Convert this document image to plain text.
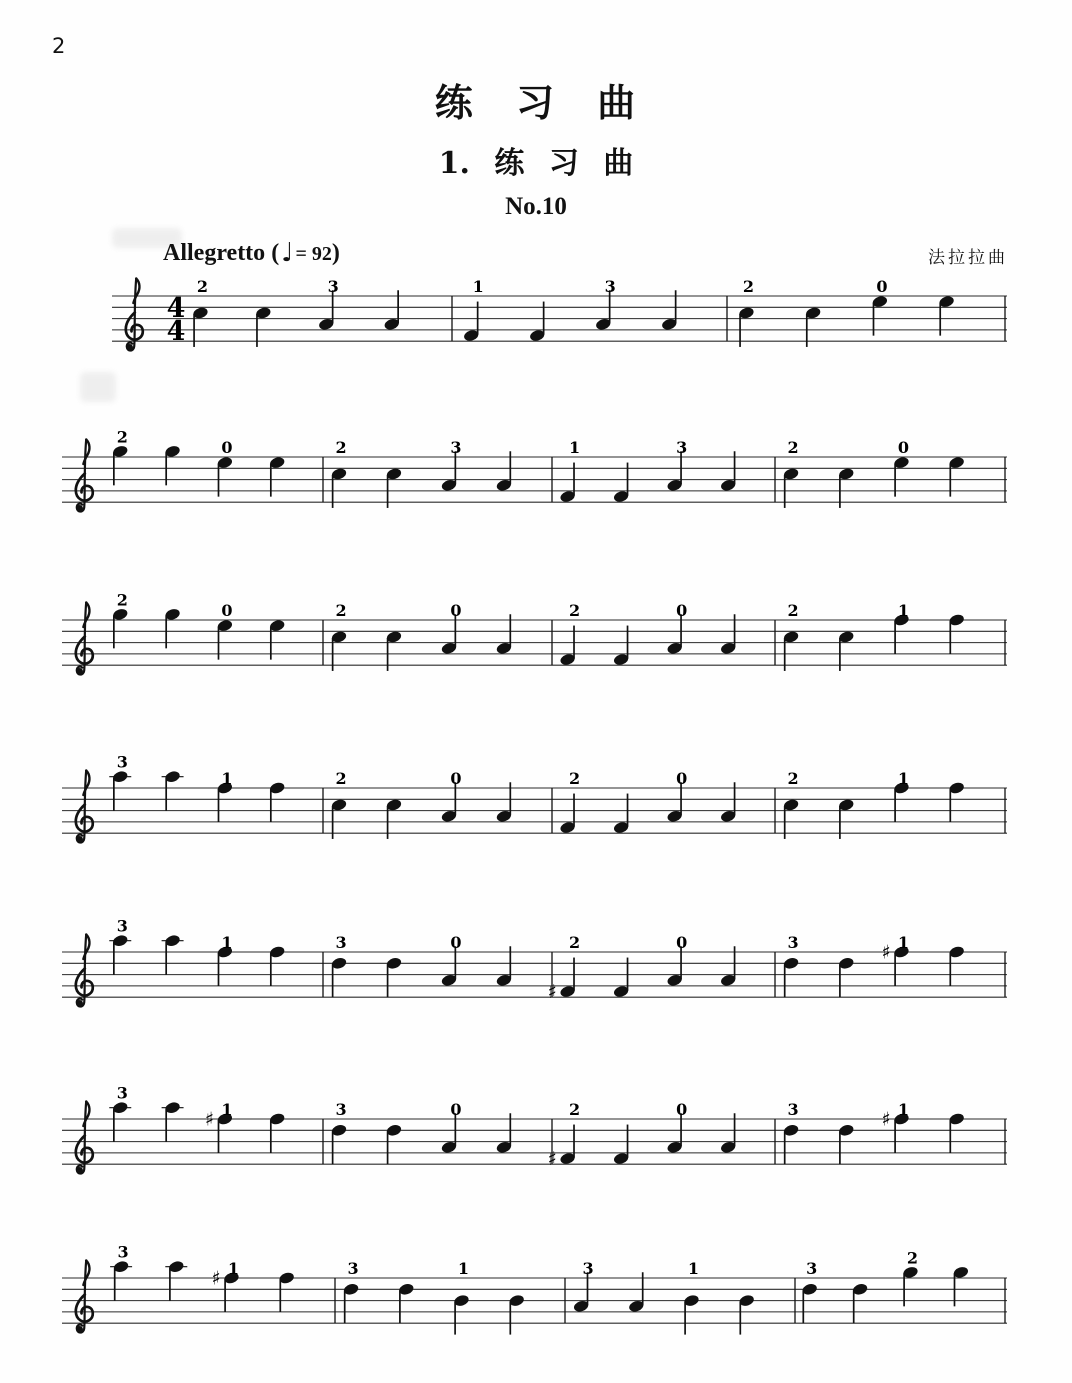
2
练 习 曲
1. 练 习 曲
No.10
Allegretto (♩ = 92)	法拉拉曲
4
4
2	3	1	3	2	0
2
0	2	3	1	3	2	0
2
0	2	0	2	0	2	1
3
1	2	0	2	0	2	1
3
1	3	0
♯
2	0	3	♯ 1
3
♯ 1	3	0
♯
2	0	3	♯ 1
3
♯ 1	3	1	3	1	3
2
